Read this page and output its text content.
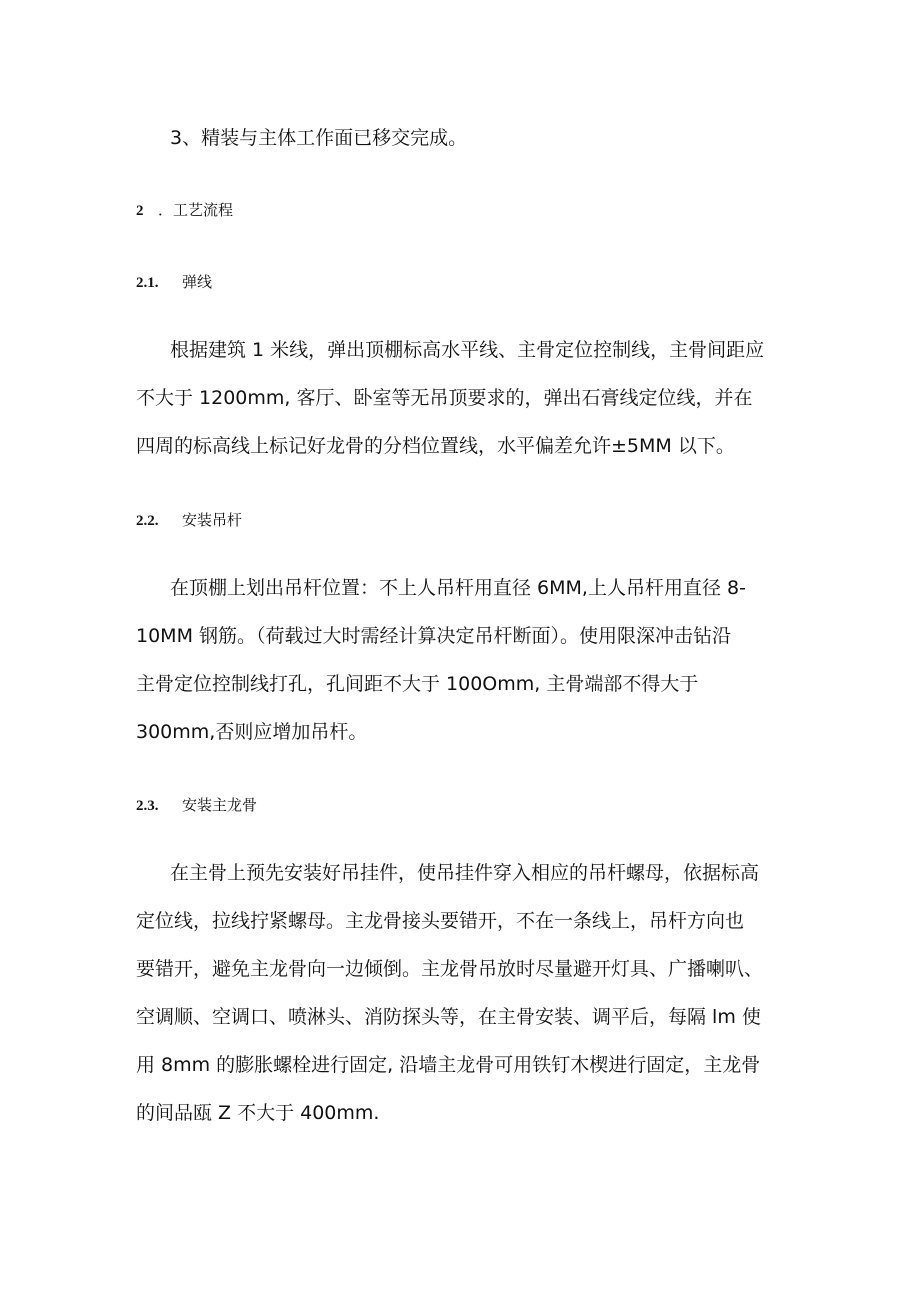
3、精装与主体工作面已移交完成。
2 ．工艺流程
2.1. 弹线
根据建筑 1 米线，弹出顶棚标高水平线、主骨定位控制线，主骨间距应
不大于 1200mm, 客厅、卧室等无吊顶要求的，弹出石膏线定位线，并在
四周的标高线上标记好龙骨的分档位置线，水平偏差允许±5MM 以下。
2.2. 安装吊杆
在顶棚上划出吊杆位置：不上人吊杆用直径 6MM,上人吊杆用直径 8-
10MM 钢筋。（荷载过大时需经计算决定吊杆断面）。使用限深冲击钻沿
主骨定位控制线打孔，孔间距不大于 100Omm, 主骨端部不得大于
300mm,否则应增加吊杆。
2.3. 安装主龙骨
在主骨上预先安装好吊挂件，使吊挂件穿入相应的吊杆螺母，依据标高
定位线，拉线拧紧螺母。主龙骨接头要错开，不在一条线上，吊杆方向也
要错开，避免主龙骨向一边倾倒。主龙骨吊放时尽量避开灯具、广播喇叭、
空调顺、空调口、喷淋头、消防探头等，在主骨安装、调平后，每隔 lm 使
用 8mm 的膨胀螺栓进行固定, 沿墙主龙骨可用铁钉木楔进行固定，主龙骨
的间品瓯 Z 不大于 400mm.
